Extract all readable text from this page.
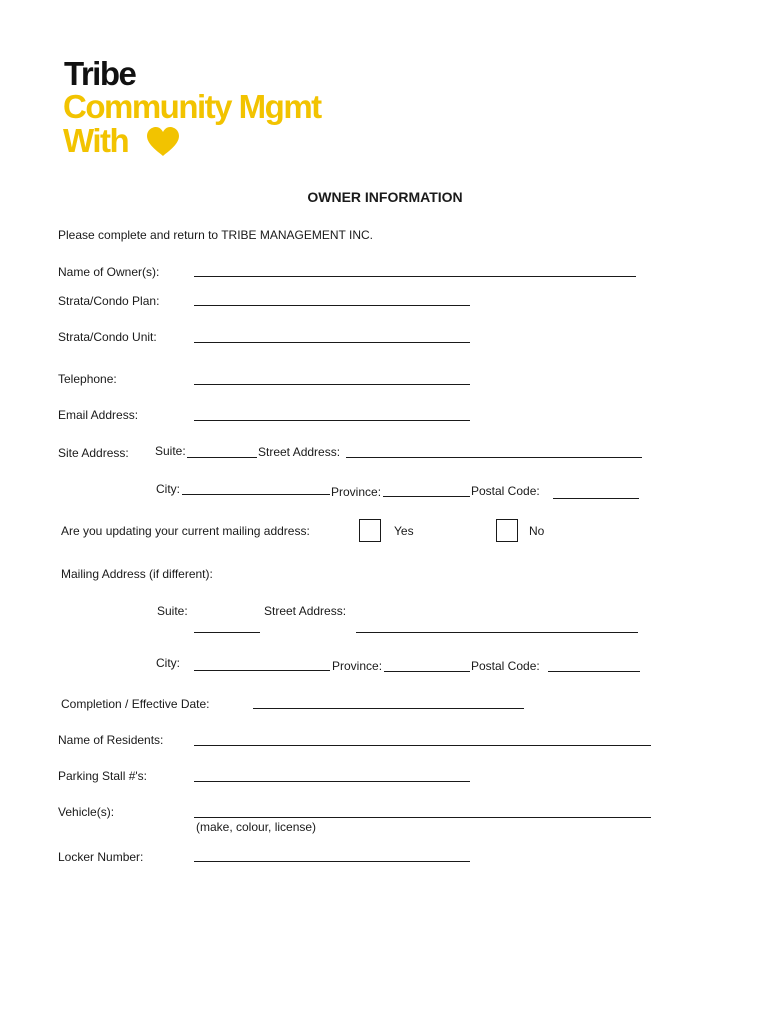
Tribe
Community Mgmt
With
OWNER INFORMATION
Please complete and return to TRIBE MANAGEMENT INC.
Name of Owner(s):
Strata/Condo Plan:
Strata/Condo Unit:
Telephone:
Email Address:
Site Address: Suite:	Street Address:
City:	Province:	Postal Code:
Are you updating your current mailing address:	Yes	No
Mailing Address (if different):
Suite:	Street Address:
City:	Province:	Postal Code:
Completion / Effective Date:
Name of Residents:
Parking Stall #'s:
Vehicle(s):
(make, colour, license)
Locker Number:
